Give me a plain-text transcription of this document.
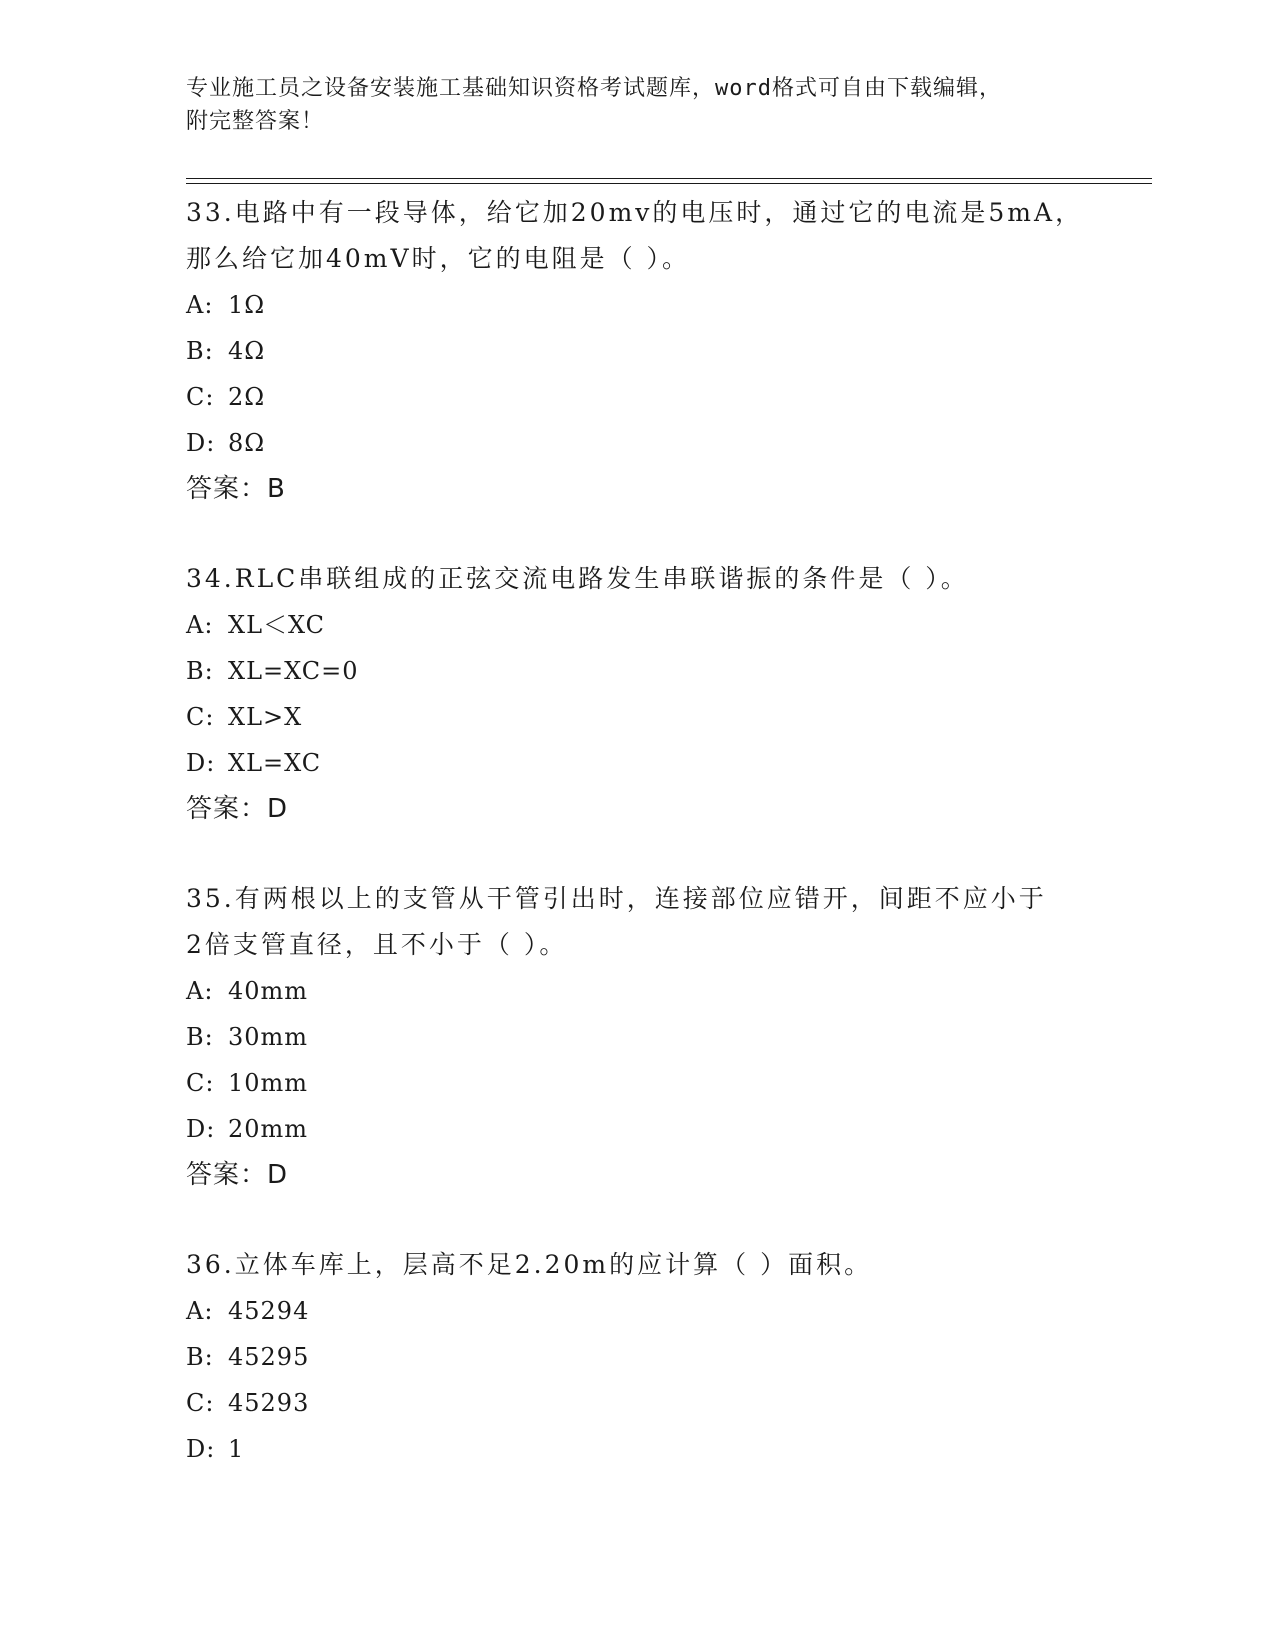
专业施工员之设备安装施工基础知识资格考试题库，word格式可自由下载编辑，
附完整答案！
33.电路中有一段导体，给它加20mv的电压时，通过它的电流是5mA，
那么给它加40mV时，它的电阻是（ ）。
A: 1Ω
B: 4Ω
C: 2Ω
D: 8Ω
答案：B
34.RLC串联组成的正弦交流电路发生串联谐振的条件是（ ）。
A: XL＜XC
B: XL=XC=0
C: XL>X
D: XL=XC
答案：D
35.有两根以上的支管从干管引出时，连接部位应错开，间距不应小于
2倍支管直径，且不小于（ ）。
A: 40mm
B: 30mm
C: 10mm
D: 20mm
答案：D
36.立体车库上，层高不足2.20m的应计算（ ）面积。
A: 45294
B: 45295
C: 45293
D: 1
